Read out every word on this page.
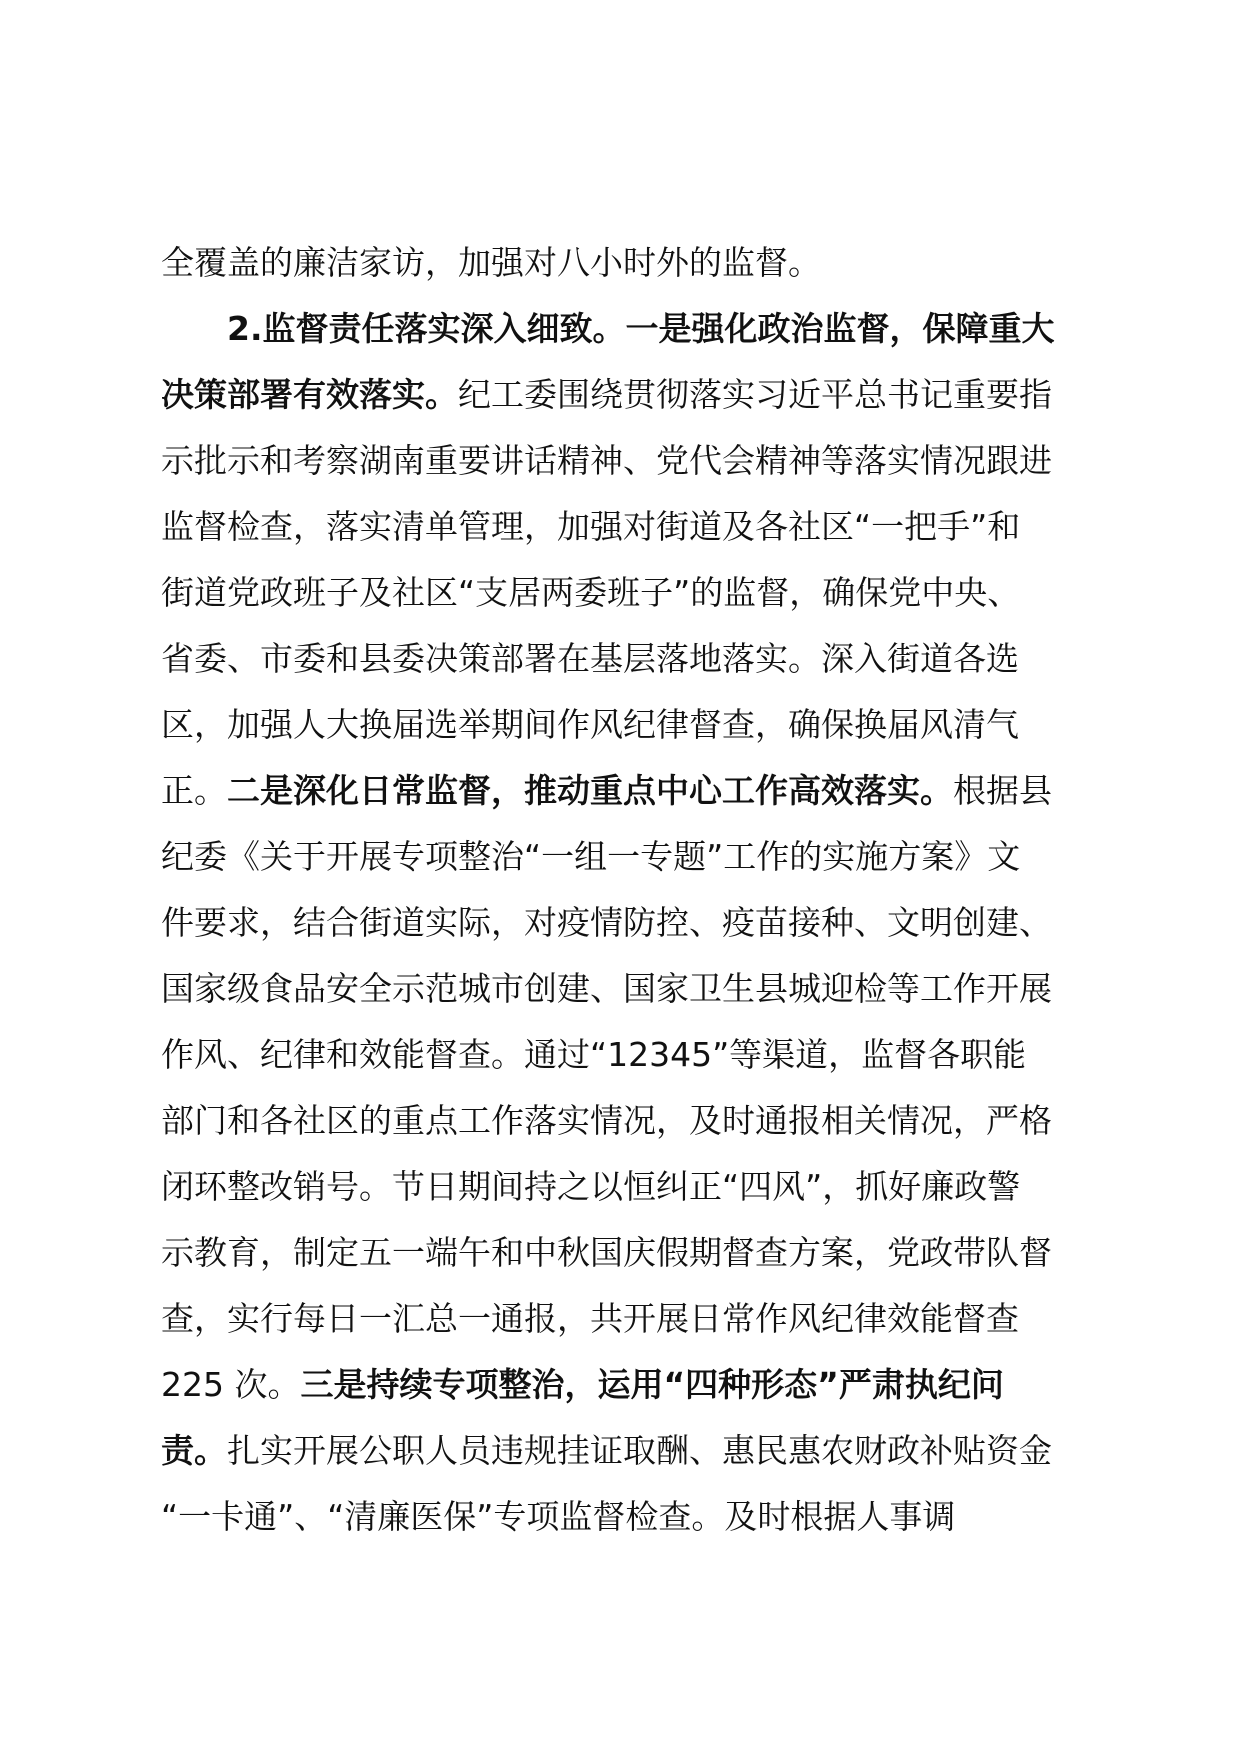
全覆盖的廉洁家访，加强对八小时外的监督。
2.监督责任落实深入细致。一是强化政治监督，保障重大
决策部署有效落实。纪工委围绕贯彻落实习近平总书记重要指
示批示和考察湖南重要讲话精神、党代会精神等落实情况跟进
监督检查，落实清单管理，加强对街道及各社区“一把手”和
街道党政班子及社区“支居两委班子”的监督，确保党中央、
省委、市委和县委决策部署在基层落地落实。深入街道各选
区，加强人大换届选举期间作风纪律督查，确保换届风清气
正。二是深化日常监督，推动重点中心工作高效落实。根据县
纪委《关于开展专项整治“一组一专题”工作的实施方案》文
件要求，结合街道实际，对疫情防控、疫苗接种、文明创建、
国家级食品安全示范城市创建、国家卫生县城迎检等工作开展
作风、纪律和效能督查。通过“12345”等渠道，监督各职能
部门和各社区的重点工作落实情况，及时通报相关情况，严格
闭环整改销号。节日期间持之以恒纠正“四风”，抓好廉政警
示教育，制定五一端午和中秋国庆假期督查方案，党政带队督
查，实行每日一汇总一通报，共开展日常作风纪律效能督查
225 次。三是持续专项整治，运用“四种形态”严肃执纪问
责。扎实开展公职人员违规挂证取酬、惠民惠农财政补贴资金
“一卡通”、“清廉医保”专项监督检查。及时根据人事调
